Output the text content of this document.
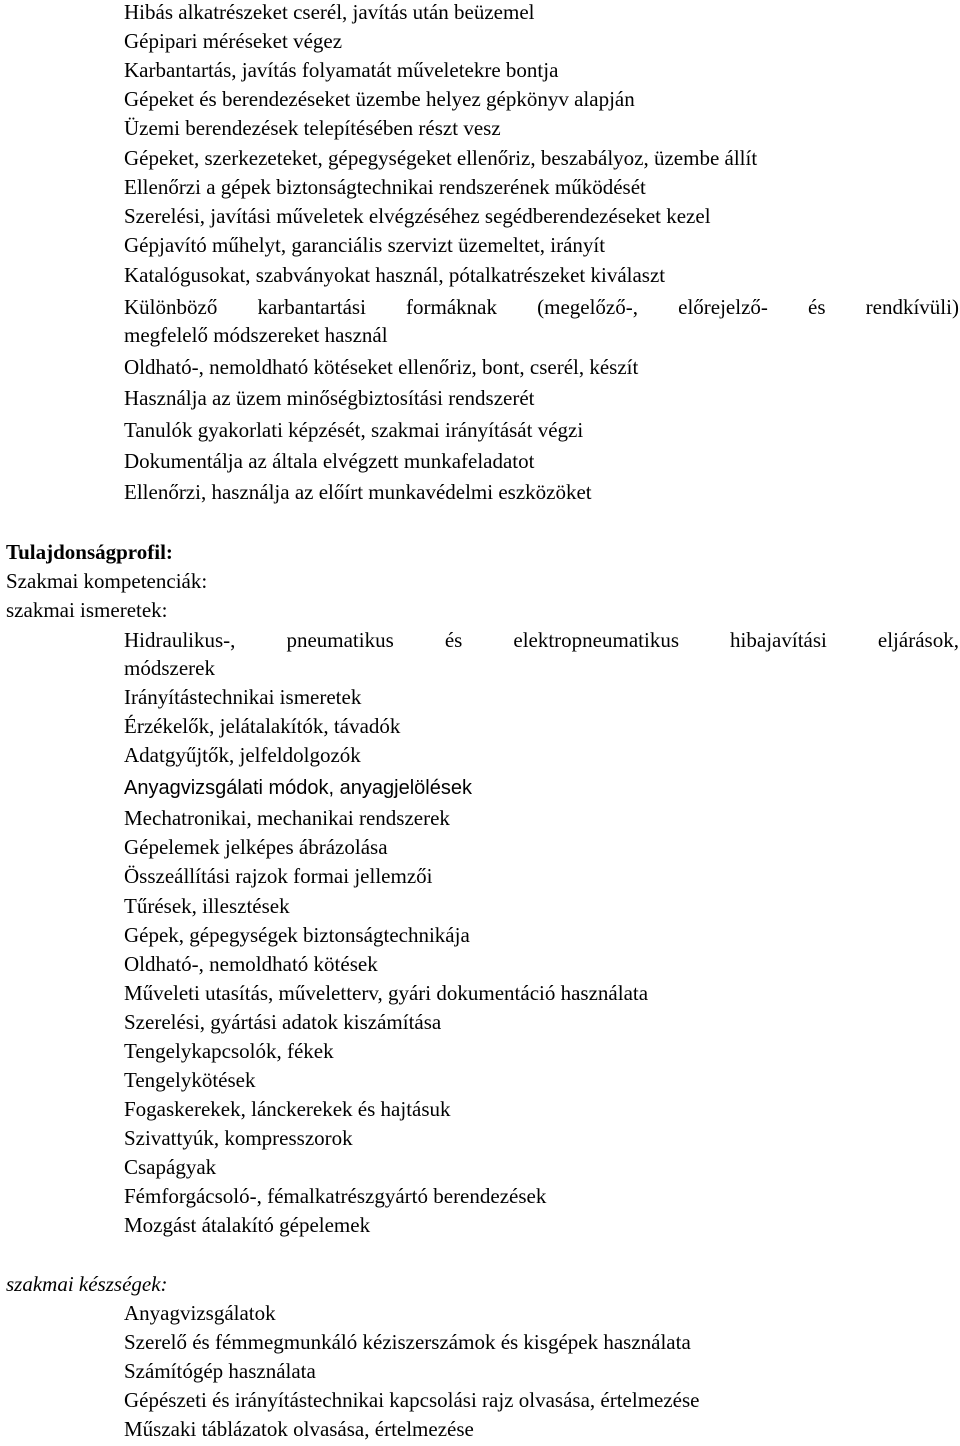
Hibás alkatrészeket cserél, javítás után beüzemel
Gépipari méréseket végez
Karbantartás, javítás folyamatát műveletekre bontja
Gépeket és berendezéseket üzembe helyez gépkönyv alapján
Üzemi berendezések telepítésében részt vesz
Gépeket, szerkezeteket, gépegységeket ellenőriz, beszabályoz, üzembe állít
Ellenőrzi a gépek biztonságtechnikai rendszerének működését
Szerelési, javítási műveletek elvégzéséhez segédberendezéseket kezel
Gépjavító műhelyt, garanciális szervizt üzemeltet, irányít
Katalógusokat, szabványokat használ, pótalkatrészeket kiválaszt
Különböző karbantartási formáknak (megelőző-, előrejelző- és rendkívüli)
megfelelő módszereket használ
Oldható-, nemoldható kötéseket ellenőriz, bont, cserél, készít
Használja az üzem minőségbiztosítási rendszerét
Tanulók gyakorlati képzését, szakmai irányítását végzi
Dokumentálja az általa elvégzett munkafeladatot
Ellenőrzi, használja az előírt munkavédelmi eszközöket
Tulajdonságprofil:
Szakmai kompetenciák:
szakmai ismeretek:
Hidraulikus-, pneumatikus és elektropneumatikus hibajavítási eljárások,
módszerek
Irányítástechnikai ismeretek
Érzékelők, jelátalakítók, távadók
Adatgyűjtők, jelfeldolgozók
Anyagvizsgálati módok, anyagjelölések
Mechatronikai, mechanikai rendszerek
Gépelemek jelképes ábrázolása
Összeállítási rajzok formai jellemzői
Tűrések, illesztések
Gépek, gépegységek biztonságtechnikája
Oldható-, nemoldható kötések
Műveleti utasítás, műveletterv, gyári dokumentáció használata
Szerelési, gyártási adatok kiszámítása
Tengelykapcsolók, fékek
Tengelykötések
Fogaskerekek, lánckerekek és hajtásuk
Szivattyúk, kompresszorok
Csapágyak
Fémforgácsoló-, fémalkatrészgyártó berendezések
Mozgást átalakító gépelemek
szakmai készségek:
Anyagvizsgálatok
Szerelő és fémmegmunkáló kéziszerszámok és kisgépek használata
Számítógép használata
Gépészeti és irányítástechnikai kapcsolási rajz olvasása, értelmezése
Műszaki táblázatok olvasása, értelmezése
